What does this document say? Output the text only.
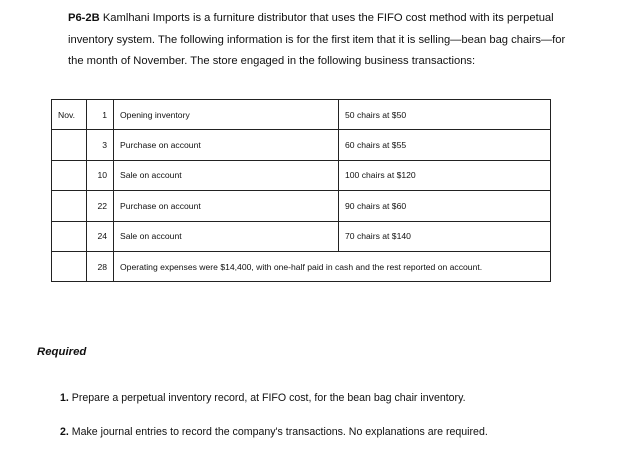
P6-2B Kamlhani Imports is a furniture distributor that uses the FIFO cost method with its perpetual inventory system. The following information is for the first item that it is selling—bean bag chairs—for the month of November. The store engaged in the following business transactions:
Nov.	1	Opening inventory	50 chairs at $50
	3	Purchase on account	60 chairs at $55
	10	Sale on account	100 chairs at $120
	22	Purchase on account	90 chairs at $60
	24	Sale on account	70 chairs at $140
	28	Operating expenses were $14,400, with one-half paid in cash and the rest reported on account.	
Required
1. Prepare a perpetual inventory record, at FIFO cost, for the bean bag chair inventory.
2. Make journal entries to record the company's transactions. No explanations are required.
